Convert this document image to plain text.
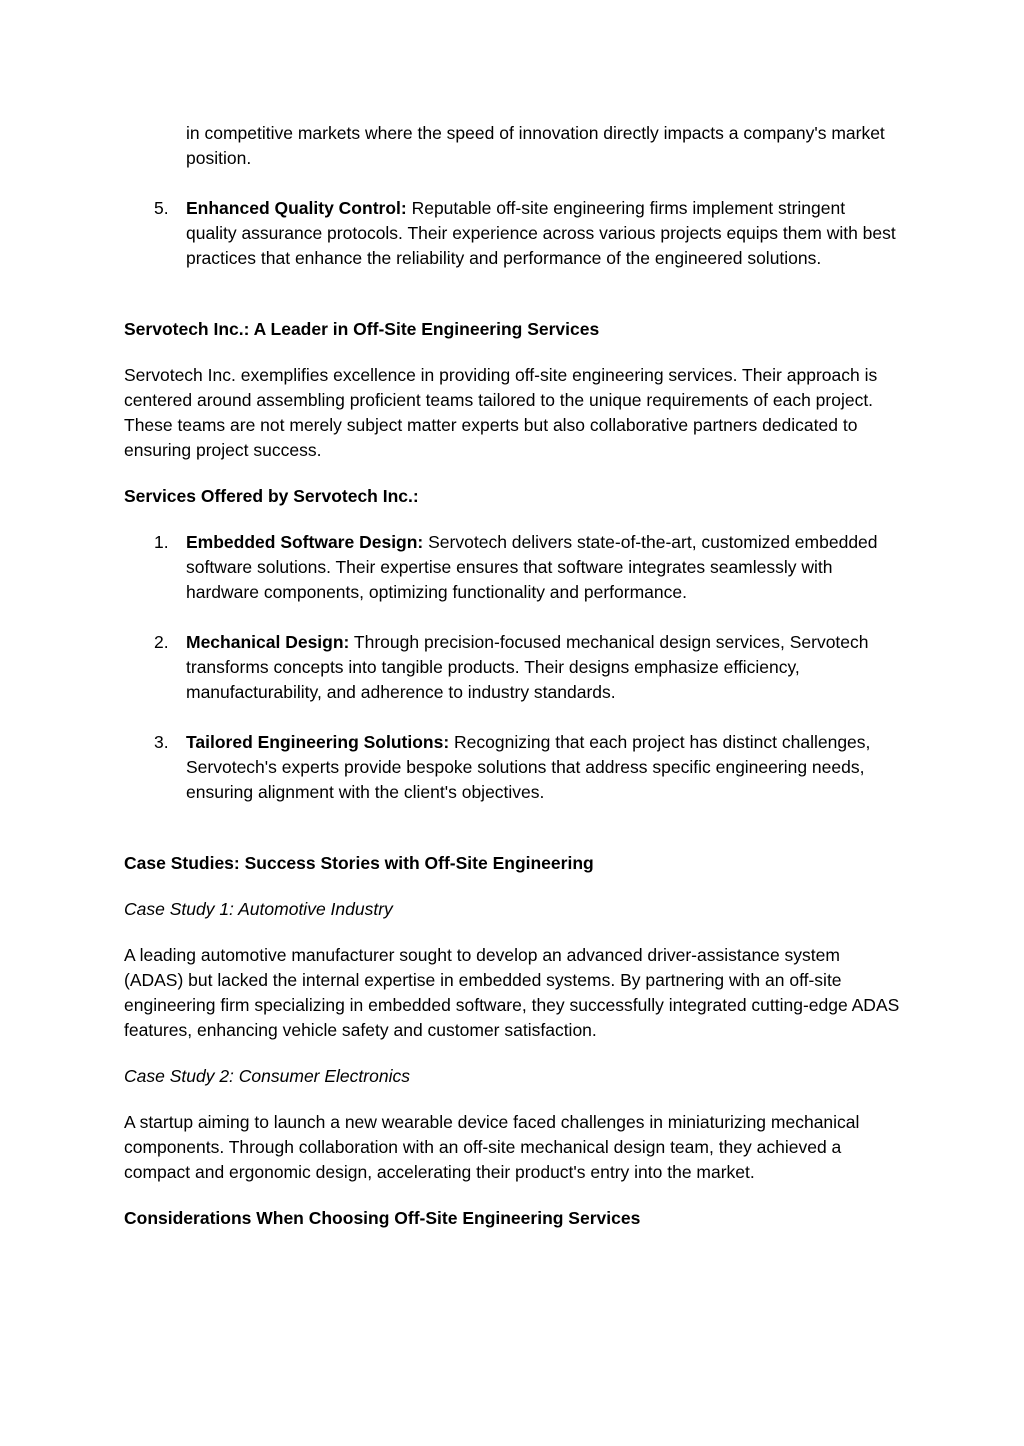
in competitive markets where the speed of innovation directly impacts a company's market position.

5. Enhanced Quality Control: Reputable off-site engineering firms implement stringent quality assurance protocols. Their experience across various projects equips them with best practices that enhance the reliability and performance of the engineered solutions.

Servotech Inc.: A Leader in Off-Site Engineering Services

Servotech Inc. exemplifies excellence in providing off-site engineering services. Their approach is centered around assembling proficient teams tailored to the unique requirements of each project. These teams are not merely subject matter experts but also collaborative partners dedicated to ensuring project success.

Services Offered by Servotech Inc.:

1. Embedded Software Design: Servotech delivers state-of-the-art, customized embedded software solutions. Their expertise ensures that software integrates seamlessly with hardware components, optimizing functionality and performance.
2. Mechanical Design: Through precision-focused mechanical design services, Servotech transforms concepts into tangible products. Their designs emphasize efficiency, manufacturability, and adherence to industry standards.
3. Tailored Engineering Solutions: Recognizing that each project has distinct challenges, Servotech's experts provide bespoke solutions that address specific engineering needs, ensuring alignment with the client's objectives.

Case Studies: Success Stories with Off-Site Engineering

Case Study 1: Automotive Industry

A leading automotive manufacturer sought to develop an advanced driver-assistance system (ADAS) but lacked the internal expertise in embedded systems. By partnering with an off-site engineering firm specializing in embedded software, they successfully integrated cutting-edge ADAS features, enhancing vehicle safety and customer satisfaction.

Case Study 2: Consumer Electronics

A startup aiming to launch a new wearable device faced challenges in miniaturizing mechanical components. Through collaboration with an off-site mechanical design team, they achieved a compact and ergonomic design, accelerating their product's entry into the market.

Considerations When Choosing Off-Site Engineering Services
